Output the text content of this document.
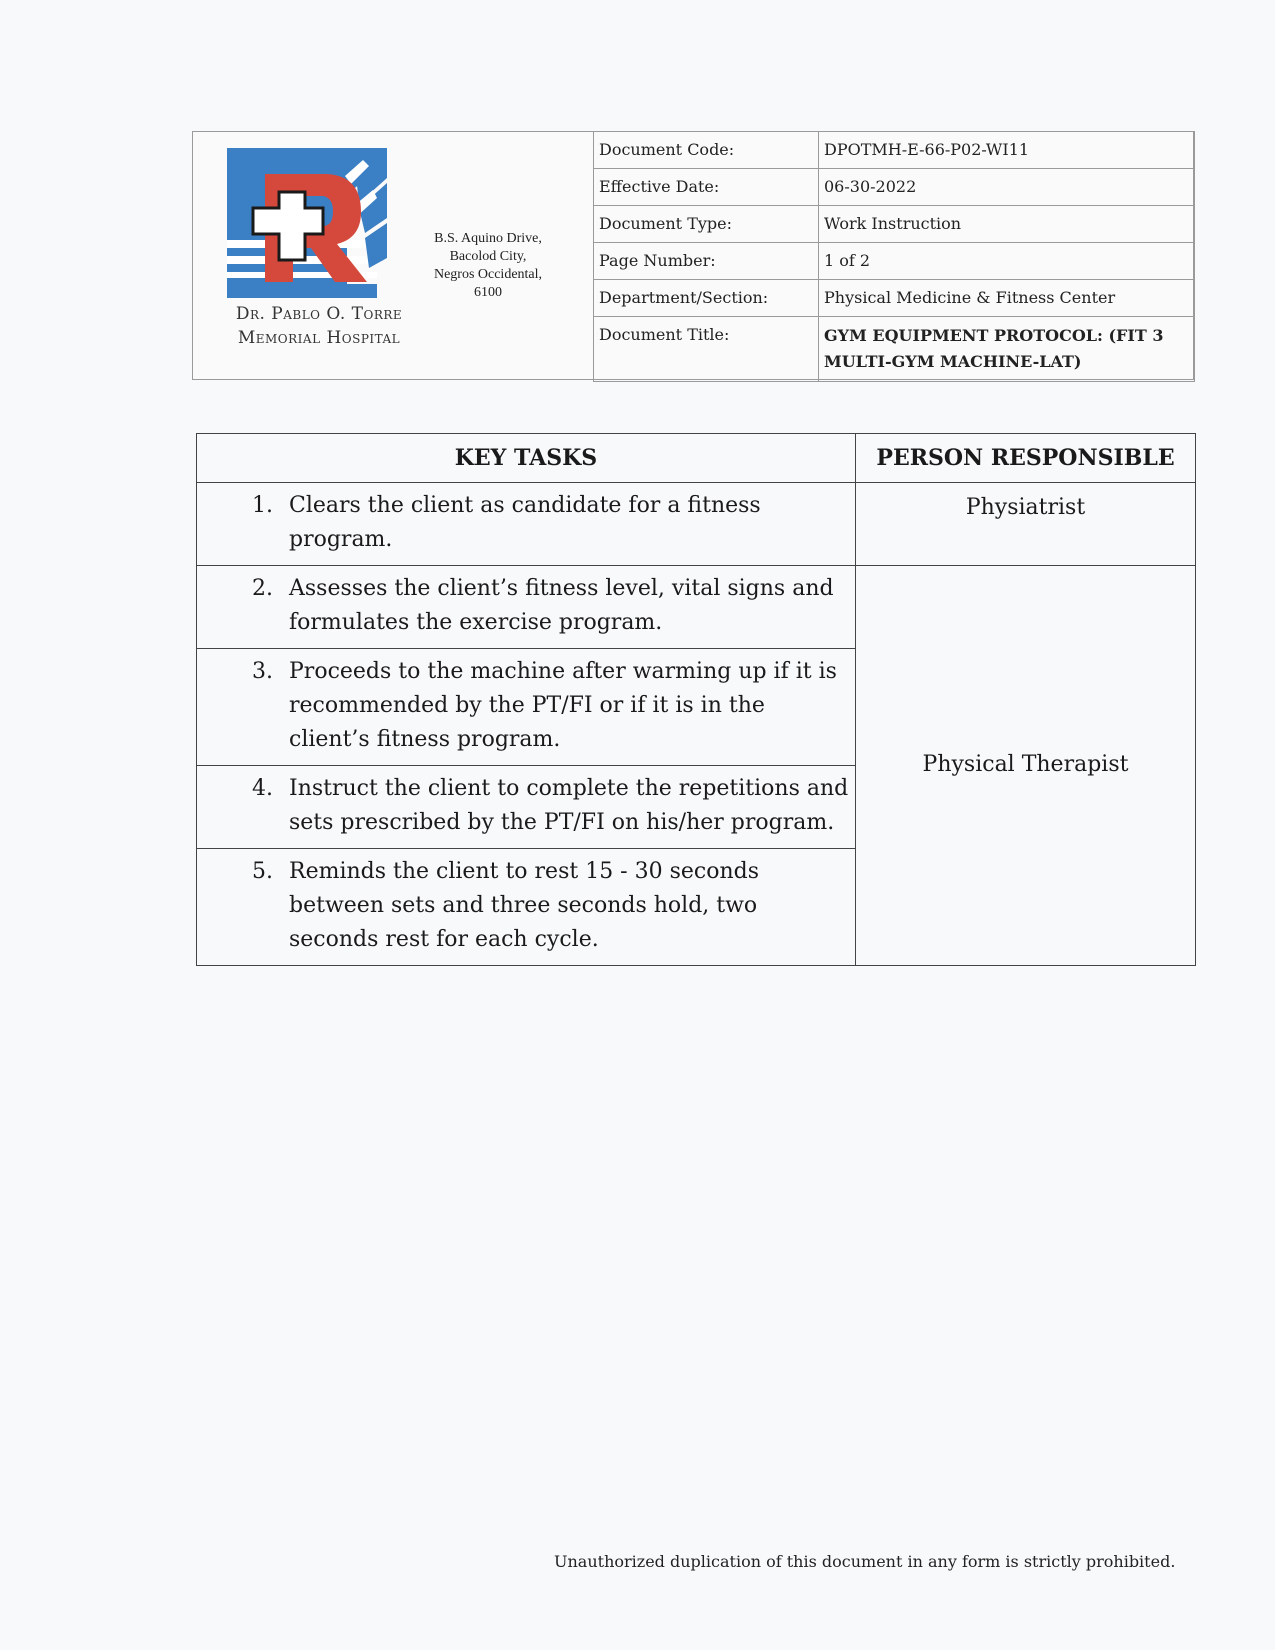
Dr. Pablo O. Torre
Memorial Hospital
B.S. Aquino Drive,
Bacolod City,
Negros Occidental,
6100
Document Code:	DPOTMH-E-66-P02-WI11
Effective Date:	06-30-2022
Document Type:	Work Instruction
Page Number:	1 of 2
Department/Section:	Physical Medicine & Fitness Center
Document Title:	GYM EQUIPMENT PROTOCOL: (FIT 3 MULTI-GYM MACHINE-LAT)
KEY TASKS	PERSON RESPONSIBLE

1. Clears the client as candidate for a fitness program.	Physiatrist

2. Assesses the client’s fitness level, vital signs and formulates the exercise program.	Physical Therapist

3. Proceeds to the machine after warming up if it is recommended by the PT/FI or if it is in the client’s fitness program.	

4. Instruct the client to complete the repetitions and sets prescribed by the PT/FI on his/her program.	

5. Reminds the client to rest 15 - 30 seconds between sets and three seconds hold, two seconds rest for each cycle.	
Unauthorized duplication of this document in any form is strictly prohibited.
